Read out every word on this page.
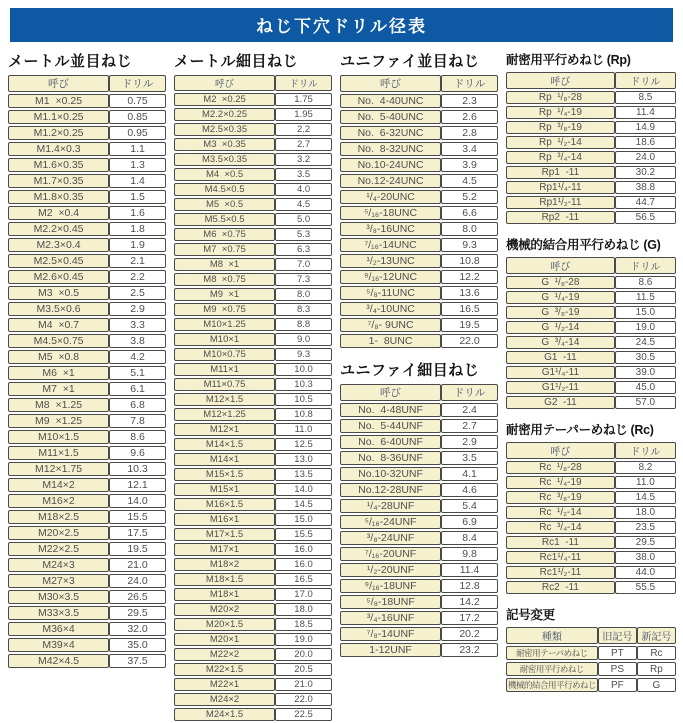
ねじ下穴ドリル径表
メートル並目ねじ
呼び	ドリル
M1  ×0.25	0.75
M1.1×0.25	0.85
M1.2×0.25	0.95
M1.4×0.3	1.1
M1.6×0.35	1.3
M1.7×0.35	1.4
M1.8×0.35	1.5
M2  ×0.4	1.6
M2.2×0.45	1.8
M2.3×0.4	1.9
M2.5×0.45	2.1
M2.6×0.45	2.2
M3  ×0.5	2.5
M3.5×0.6	2.9
M4  ×0.7	3.3
M4.5×0.75	3.8
M5  ×0.8	4.2
M6  ×1	5.1
M7  ×1	6.1
M8  ×1.25	6.8
M9  ×1.25	7.8
M10×1.5	8.6
M11×1.5	9.6
M12×1.75	10.3
M14×2	12.1
M16×2	14.0
M18×2.5	15.5
M20×2.5	17.5
M22×2.5	19.5
M24×3	21.0
M27×3	24.0
M30×3.5	26.5
M33×3.5	29.5
M36×4	32.0
M39×4	35.0
M42×4.5	37.5
メートル細目ねじ
呼び	ドリル
M2  ×0.25	1.75
M2.2×0.25	1.95
M2.5×0.35	2.2
M3  ×0.35	2.7
M3.5×0.35	3.2
M4  ×0.5	3.5
M4.5×0.5	4.0
M5  ×0.5	4.5
M5.5×0.5	5.0
M6  ×0.75	5.3
M7  ×0.75	6.3
M8  ×1	7.0
M8  ×0.75	7.3
M9  ×1	8.0
M9  ×0.75	8.3
M10×1.25	8.8
M10×1	9.0
M10×0.75	9.3
M11×1	10.0
M11×0.75	10.3
M12×1.5	10.5
M12×1.25	10.8
M12×1	11.0
M14×1.5	12.5
M14×1	13.0
M15×1.5	13.5
M15×1	14.0
M16×1.5	14.5
M16×1	15.0
M17×1.5	15.5
M17×1	16.0
M18×2	16.0
M18×1.5	16.5
M18×1	17.0
M20×2	18.0
M20×1.5	18.5
M20×1	19.0
M22×2	20.0
M22×1.5	20.5
M22×1	21.0
M24×2	22.0
M24×1.5	22.5
ユニファイ並目ねじ
呼び	ドリル
No.  4-40UNC	2.3
No.  5-40UNC	2.6
No.  6-32UNC	2.8
No.  8-32UNC	3.4
No.10-24UNC	3.9
No.12-24UNC	4.5
¹/₄-20UNC	5.2
⁵/₁₆-18UNC	6.6
³/₈-16UNC	8.0
⁷/₁₆-14UNC	9.3
¹/₂-13UNC	10.8
⁹/₁₆-12UNC	12.2
⁵/₈-11UNC	13.6
³/₄-10UNC	16.5
⁷/₈- 9UNC	19.5
1-  8UNC	22.0
ユニファイ細目ねじ
呼び	ドリル
No.  4-48UNF	2.4
No.  5-44UNF	2.7
No.  6-40UNF	2.9
No.  8-36UNF	3.5
No.10-32UNF	4.1
No.12-28UNF	4.6
¹/₄-28UNF	5.4
⁵/₁₆-24UNF	6.9
³/₈-24UNF	8.4
⁷/₁₆-20UNF	9.8
¹/₂-20UNF	11.4
⁹/₁₆-18UNF	12.8
⁵/₈-18UNF	14.2
³/₄-16UNF	17.2
⁷/₈-14UNF	20.2
1-12UNF	23.2
耐密用平行めねじ (Rp)
呼び	ドリル
Rp  ¹/₈-28	8.5
Rp  ¹/₄-19	11.4
Rp  ³/₈-19	14.9
Rp  ¹/₂-14	18.6
Rp  ³/₄-14	24.0
Rp1  -11	30.2
Rp1¹/₄-11	38.8
Rp1¹/₂-11	44.7
Rp2  -11	56.5
機械的結合用平行めねじ (G)
呼び	ドリル
G  ¹/₈-28	8.6
G  ¹/₄-19	11.5
G  ³/₈-19	15.0
G  ¹/₂-14	19.0
G  ³/₄-14	24.5
G1  -11	30.5
G1¹/₄-11	39.0
G1¹/₂-11	45.0
G2  -11	57.0
耐密用テーパーめねじ (Rc)
呼び	ドリル
Rc  ¹/₈-28	8.2
Rc  ¹/₄-19	11.0
Rc  ³/₈-19	14.5
Rc  ¹/₂-14	18.0
Rc  ³/₄-14	23.5
Rc1  -11	29.5
Rc1¹/₄-11	38.0
Rc1¹/₂-11	44.0
Rc2  -11	55.5
記号変更
種類	旧記号	新記号
耐密用テーパめねじ	PT	Rc
耐密用平行めねじ	PS	Rp
機械的結合用平行めねじ	PF	G
